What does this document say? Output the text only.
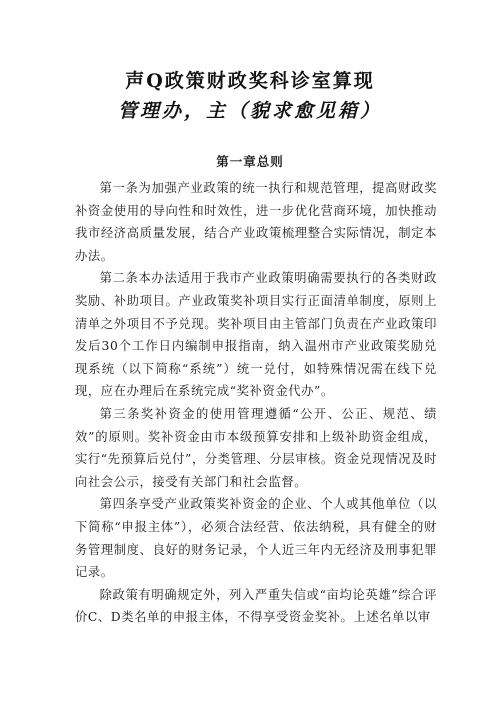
声Q政策财政奖科诊室算现
管理办，主（貌求愈见箱）
第一章总则

第一条为加强产业政策的统一执行和规范管理，提高财政奖补资金使用的导向性和时效性，进一步优化营商环境，加快推动我市经济高质量发展，结合产业政策梳理整合实际情况，制定本办法。

第二条本办法适用于我市产业政策明确需要执行的各类财政奖励、补助项目。产业政策奖补项目实行正面清单制度，原则上清单之外项目不予兑现。奖补项目由主管部门负责在产业政策印发后30个工作日内编制申报指南，纳入温州市产业政策奖励兑现系统（以下简称“系统”）统一兑付，如特殊情况需在线下兑现，应在办理后在系统完成“奖补资金代办”。

第三条奖补资金的使用管理遵循“公开、公正、规范、绩效”的原则。奖补资金由市本级预算安排和上级补助资金组成，实行“先预算后兑付”，分类管理、分层审核。资金兑现情况及时向社会公示，接受有关部门和社会监督。

第四条享受产业政策奖补资金的企业、个人或其他单位（以下简称“申报主体”），必须合法经营、依法纳税，具有健全的财务管理制度、良好的财务记录，个人近三年内无经济及刑事犯罪记录。

除政策有明确规定外，列入严重失信或“亩均论英雄”综合评价C、D类名单的申报主体，不得享受资金奖补。上述名单以审
